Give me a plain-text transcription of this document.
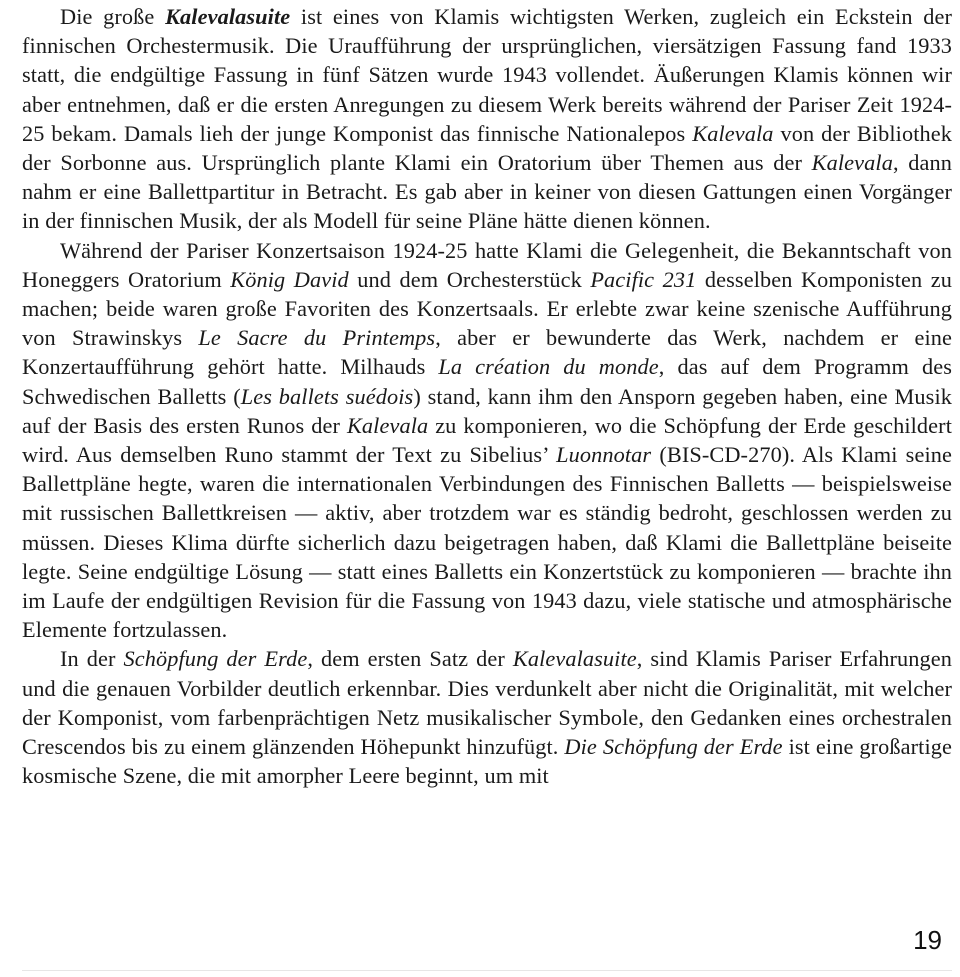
Die große Kalevalasuite ist eines von Klamis wichtigsten Werken, zugleich ein Eckstein der finnischen Orchestermusik. Die Uraufführung der ursprünglichen, viersätzigen Fassung fand 1933 statt, die endgültige Fassung in fünf Sätzen wurde 1943 vollendet. Äußerungen Klamis können wir aber entnehmen, daß er die ersten Anregungen zu diesem Werk bereits während der Pariser Zeit 1924-25 bekam. Damals lieh der junge Komponist das finnische Nationalepos Kalevala von der Bibliothek der Sorbonne aus. Ursprünglich plante Klami ein Oratorium über Themen aus der Kalevala, dann nahm er eine Ballettpartitur in Betracht. Es gab aber in keiner von diesen Gattungen einen Vorgänger in der finnischen Musik, der als Modell für seine Pläne hätte dienen können.

Während der Pariser Konzertsaison 1924-25 hatte Klami die Gelegenheit, die Bekanntschaft von Honeggers Oratorium König David und dem Orchesterstück Pacific 231 desselben Komponisten zu machen; beide waren große Favoriten des Konzertsaals. Er erlebte zwar keine szenische Aufführung von Strawinskys Le Sacre du Printemps, aber er bewunderte das Werk, nachdem er eine Konzertaufführung gehört hatte. Milhauds La création du monde, das auf dem Programm des Schwedischen Balletts (Les ballets suédois) stand, kann ihm den Ansporn gegeben haben, eine Musik auf der Basis des ersten Runos der Kalevala zu komponieren, wo die Schöpfung der Erde geschildert wird. Aus demselben Runo stammt der Text zu Sibelius’ Luonnotar (BIS-CD-270). Als Klami seine Ballettpläne hegte, waren die internationalen Verbindungen des Finnischen Balletts — beispielsweise mit russischen Ballettkreisen — aktiv, aber trotzdem war es ständig bedroht, geschlossen werden zu müssen. Dieses Klima dürfte sicherlich dazu beigetragen haben, daß Klami die Ballettpläne beiseite legte. Seine endgültige Lösung — statt eines Balletts ein Konzertstück zu komponieren — brachte ihn im Laufe der endgültigen Revision für die Fassung von 1943 dazu, viele statische und atmosphärische Elemente fortzulassen.

In der Schöpfung der Erde, dem ersten Satz der Kalevalasuite, sind Klamis Pariser Erfahrungen und die genauen Vorbilder deutlich erkennbar. Dies verdunkelt aber nicht die Originalität, mit welcher der Komponist, vom farbenprächtigen Netz musikalischer Symbole, den Gedanken eines orchestralen Crescendos bis zu einem glänzenden Höhepunkt hinzufügt. Die Schöpfung der Erde ist eine großartige kosmische Szene, die mit amorpher Leere beginnt, um mit

19
